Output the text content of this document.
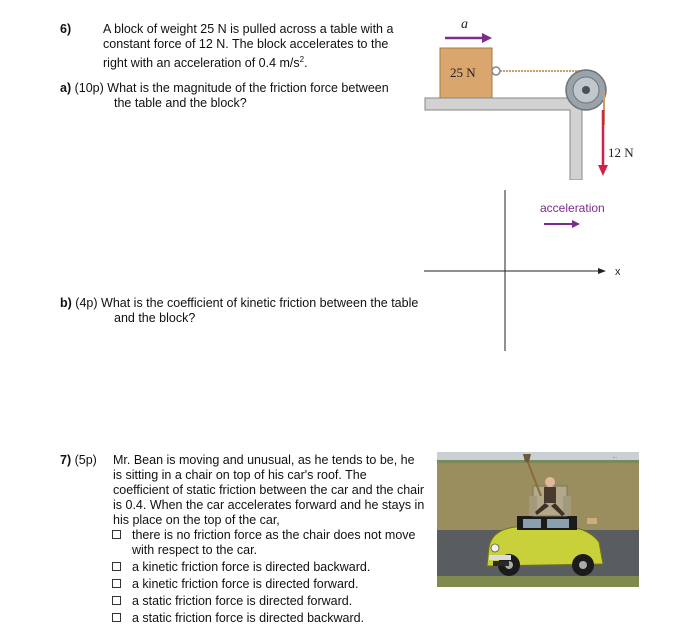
6)	A block of weight 25 N is pulled across a table with a
constant force of 12 N. The block accelerates to the
right with an acceleration of 0.4 $m/s^2$.
a) (10p) What is the magnitude of the friction force between
the table and the block?
a
25 N
12 N
x
acceleration
b) (4p) What is the coefficient of kinetic friction between the table
and the block?
7) (5p) Mr. Bean is moving and unusual, as he tends to be, he
is sitting in a chair on top of his car's roof. The
coefficient of static friction between the car and the chair
is 0.4. When the car accelerates forward and he stays in
his place on the top of the car,
there is no friction force as the chair does not move
with respect to the car.
a kinetic friction force is directed backward.
a kinetic friction force is directed forward.
a static friction force is directed forward.
a static friction force is directed backward.
...
